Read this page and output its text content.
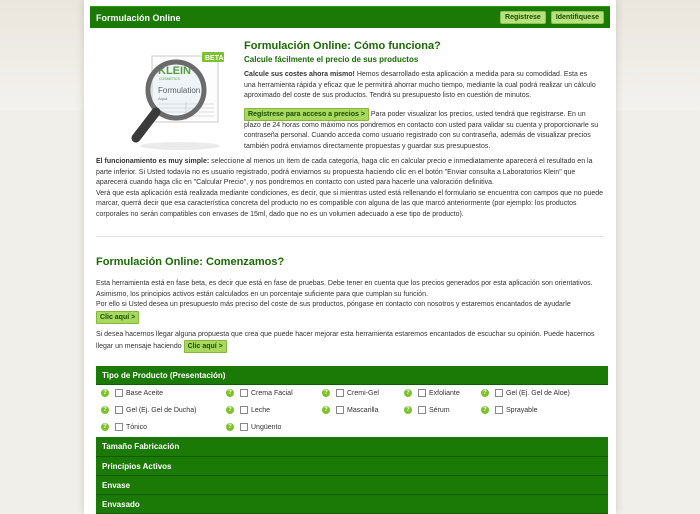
Formulación Online	Registrese	Identifiquese
BETA
Formulación Online: Cómo funciona?
Calcule fácilmente el precio de sus productos

Calcule sus costes ahora mismo! Hemos desarrollado esta aplicación a medida para su comodidad. Esta es una herramienta rápida y eficaz que le permitirá ahorrar mucho tiempo, mediante la cual podrá realizar un cálculo aproximado del coste de sus productos. Tendrá su presupuesto listo en cuestión de minutos.

Regístrese para acceso a precios > Para poder visualizar los precios, usted tendrá que registrarse. En un plazo de 24 horas como máximo nos pondremos en contacto con usted para validar su cuenta y proporcionarle su contraseña personal. Cuando acceda como usuario registrado con su contraseña, además de visualizar precios también podrá enviarnos directamente propuestas y guardar sus presupuestos.

El funcionamiento es muy simple: seleccione al menos un ítem de cada categoría, haga clic en calcular precio e inmediatamente aparecerá el resultado en la parte inferior. Si Usted todavía no es usuario registrado, podrá enviarnos su propuesta haciendo clic en el botón "Enviar consulta a Laboratorios Klein" que aparecerá cuando haga clic en "Calcular Precio", y nos pondremos en contacto con usted para hacerle una valoración definitiva.

Verá que esta aplicación está realizada mediante condiciones, es decir, que si mientras usted está rellenando el formulario se encuentra con campos que no puede marcar, querrá decir que esa característica concreta del producto no es compatible con alguna de las que marcó anteriormente (por ejemplo: los productos corporales no serán compatibles con envases de 15ml, dado que no es un volumen adecuado a ese tipo de producto).

Formulación Online: Comenzamos?

Esta herramienta está en fase beta, es decir que está en fase de pruebas. Debe tener en cuenta que los precios generados por esta aplicación son orientativos. Asimismo, los principios activos están calculados en un porcentaje suficiente para que cumplan su función.

Por ello si Usted desea un presupuesto más preciso del coste de sus productos, póngase en contacto con nosotros y estaremos encantados de ayudarle Clic aquí >

Si desea hacernos llegar alguna propuesta que crea que puede hacer mejorar esta herramienta estaremos encantados de escuchar su opinión. Puede hacernos llegar un mensaje haciendo Clic aquí >

Tipo de Producto (Presentación)
?	Base Aceite	?	Crema Facial	?	Cremi-Gel	?	Exfoliante	?	Gel (Ej. Gel de Aloe)
?	Gel (Ej. Gel de Ducha)	?	Leche	?	Mascarilla	?	Sérum	?	Sprayable
?	Tónico	?	Ungüento
Tamaño Fabricación
Principios Activos
Envase
Envasado
